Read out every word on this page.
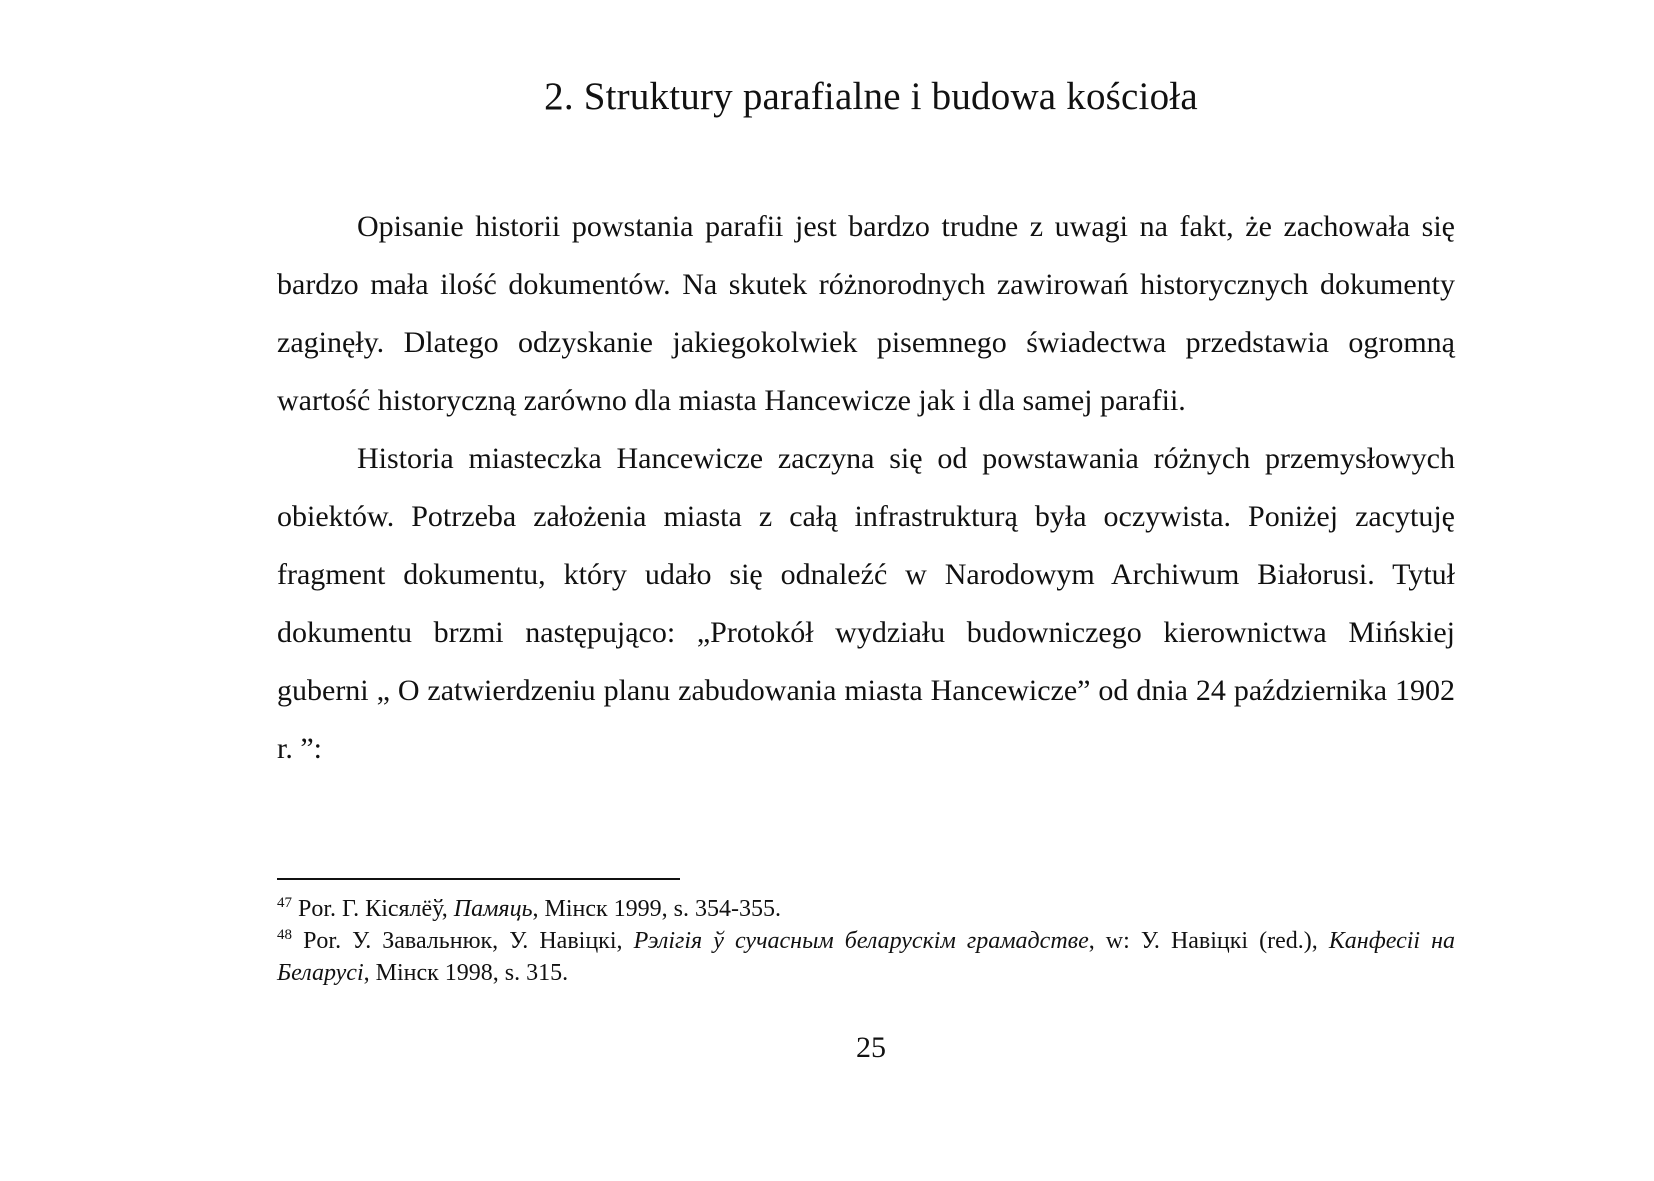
2. Struktury parafialne i budowa kościoła

Opisanie historii powstania parafii jest bardzo trudne z uwagi na fakt, że zachowała się bardzo mała ilość dokumentów. Na skutek różnorodnych zawirowań historycznych dokumenty zaginęły. Dlatego odzyskanie jakiegokolwiek pisemnego świadectwa przedstawia ogromną wartość historyczną zarówno dla miasta Hancewicze jak i dla samej parafii.

Historia miasteczka Hancewicze zaczyna się od powstawania różnych przemysłowych obiektów. Potrzeba założenia miasta z całą infrastrukturą była oczywista. Poniżej zacytuję fragment dokumentu, który udało się odnaleźć w Narodowym Archiwum Białorusi. Tytuł dokumentu brzmi następująco: „Protokół wydziału budowniczego kierownictwa Mińskiej guberni „ O zatwierdzeniu planu zabudowania miasta Hancewicze” od dnia 24 października 1902 r. ”:

$^{47}$ Por. Г. Кісялёў, Памяць, Мінск 1999, s. 354-355.

$^{48}$ Por. У. Завальнюк, У. Навіцкі, Рэлігія ў сучасным беларускім грамадстве, w: У. Навіцкі (red.), Канфесіі на Беларусі, Мінск 1998, s. 315.

25
